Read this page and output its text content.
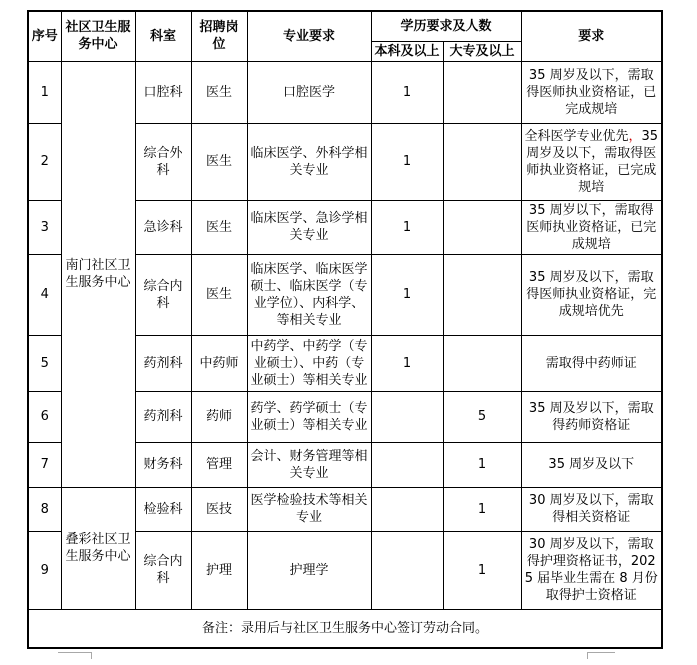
序号	社区卫生服务中心	科室	招聘岗位	专业要求	学历要求及人数		要求
					本科及以上	大专及以上	
1	南门社区卫生服务中心	口腔科	医生	口腔医学	1		35 周岁及以下，需取得医师执业资格证，已完成规培
2		综合外科	医生	临床医学、外科学相关专业	1		全科医学专业优先，35 周岁及以下，需取得医师执业资格证，已完成规培
3		急诊科	医生	临床医学、急诊学相关专业	1		35 周岁以下，需取得医师执业资格证，已完成规培
4		综合内科	医生	临床医学、临床医学硕士、临床医学（专业学位）、内科学、等相关专业	1		35 周岁及以下，需取得医师执业资格证，完成规培优先
5		药剂科	中药师	中药学、中药学（专业硕士）、中药（专业硕士）等相关专业	1		需取得中药师证
6		药剂科	药师	药学、药学硕士（专业硕士）等相关专业		5	35 周及岁以下，需取得药师资格证
7		财务科	管理	会计、财务管理等相关专业		1	35 周岁及以下
8	叠彩社区卫生服务中心	检验科	医技	医学检验技术等相关专业		1	30 周岁及以下，需取得相关资格证
9		综合内科	护理	护理学		1	30 周岁及以下，需取得护理资格证书，2025 届毕业生需在 8 月份取得护士资格证
备注：录用后与社区卫生服务中心签订劳动合同。							
